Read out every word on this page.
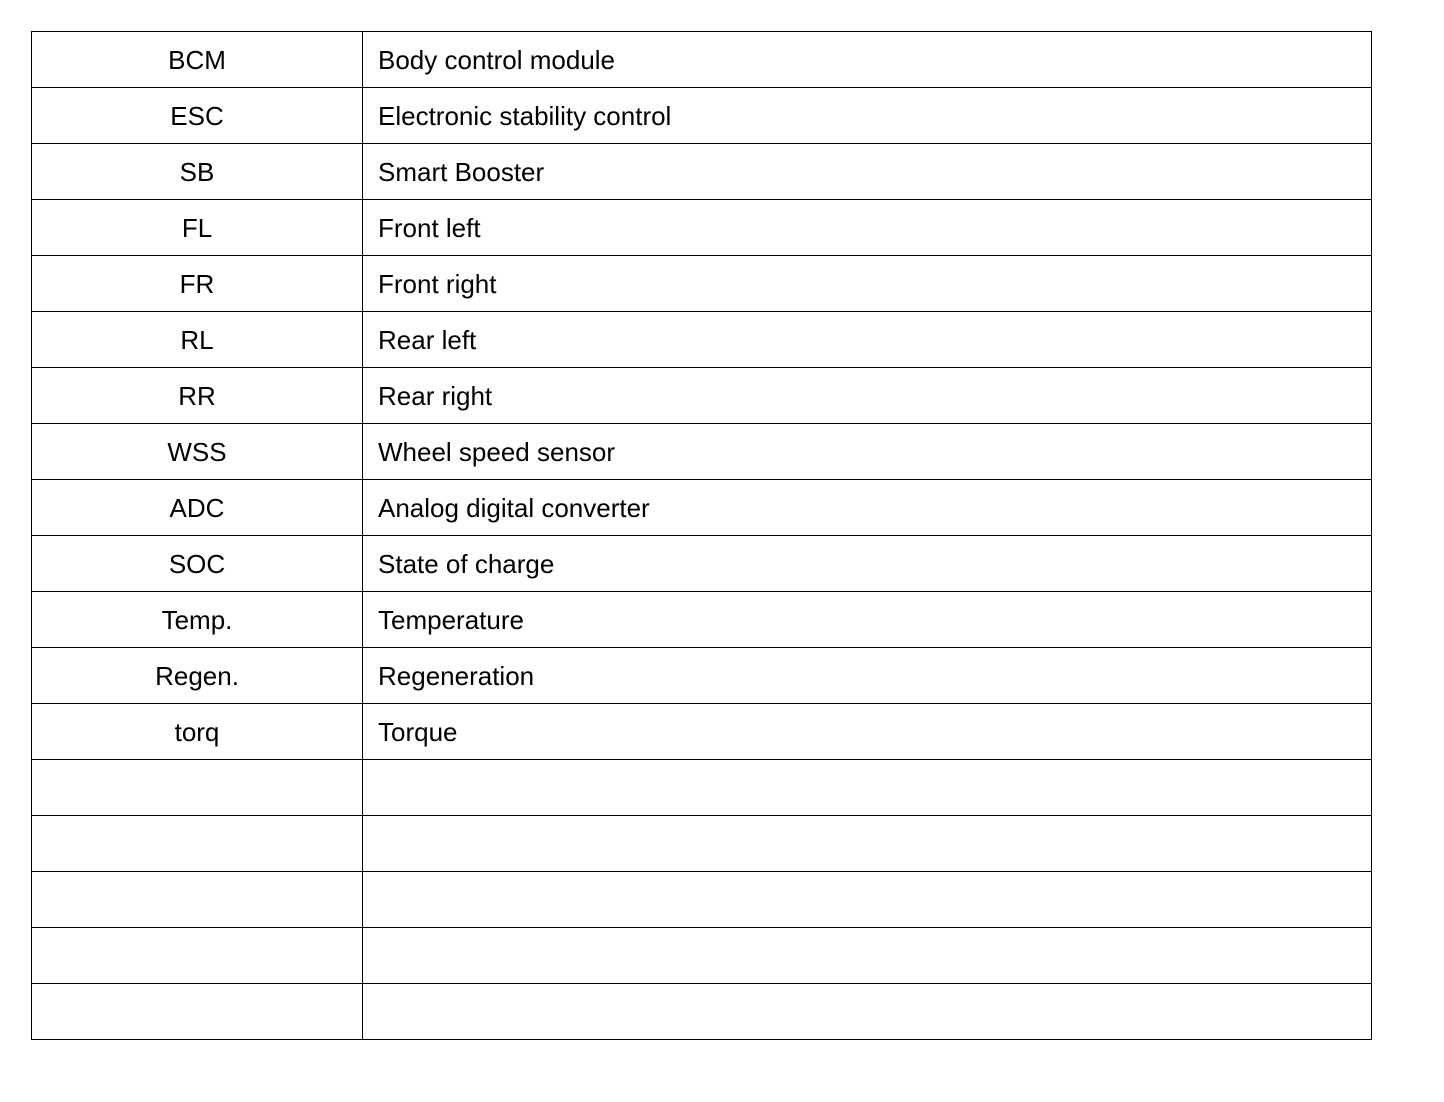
BCM	Body control module
ESC	Electronic stability control
SB	Smart Booster
FL	Front left
FR	Front right
RL	Rear left
RR	Rear right
WSS	Wheel speed sensor
ADC	Analog digital converter
SOC	State of charge
Temp.	Temperature
Regen.	Regeneration
torq	Torque
